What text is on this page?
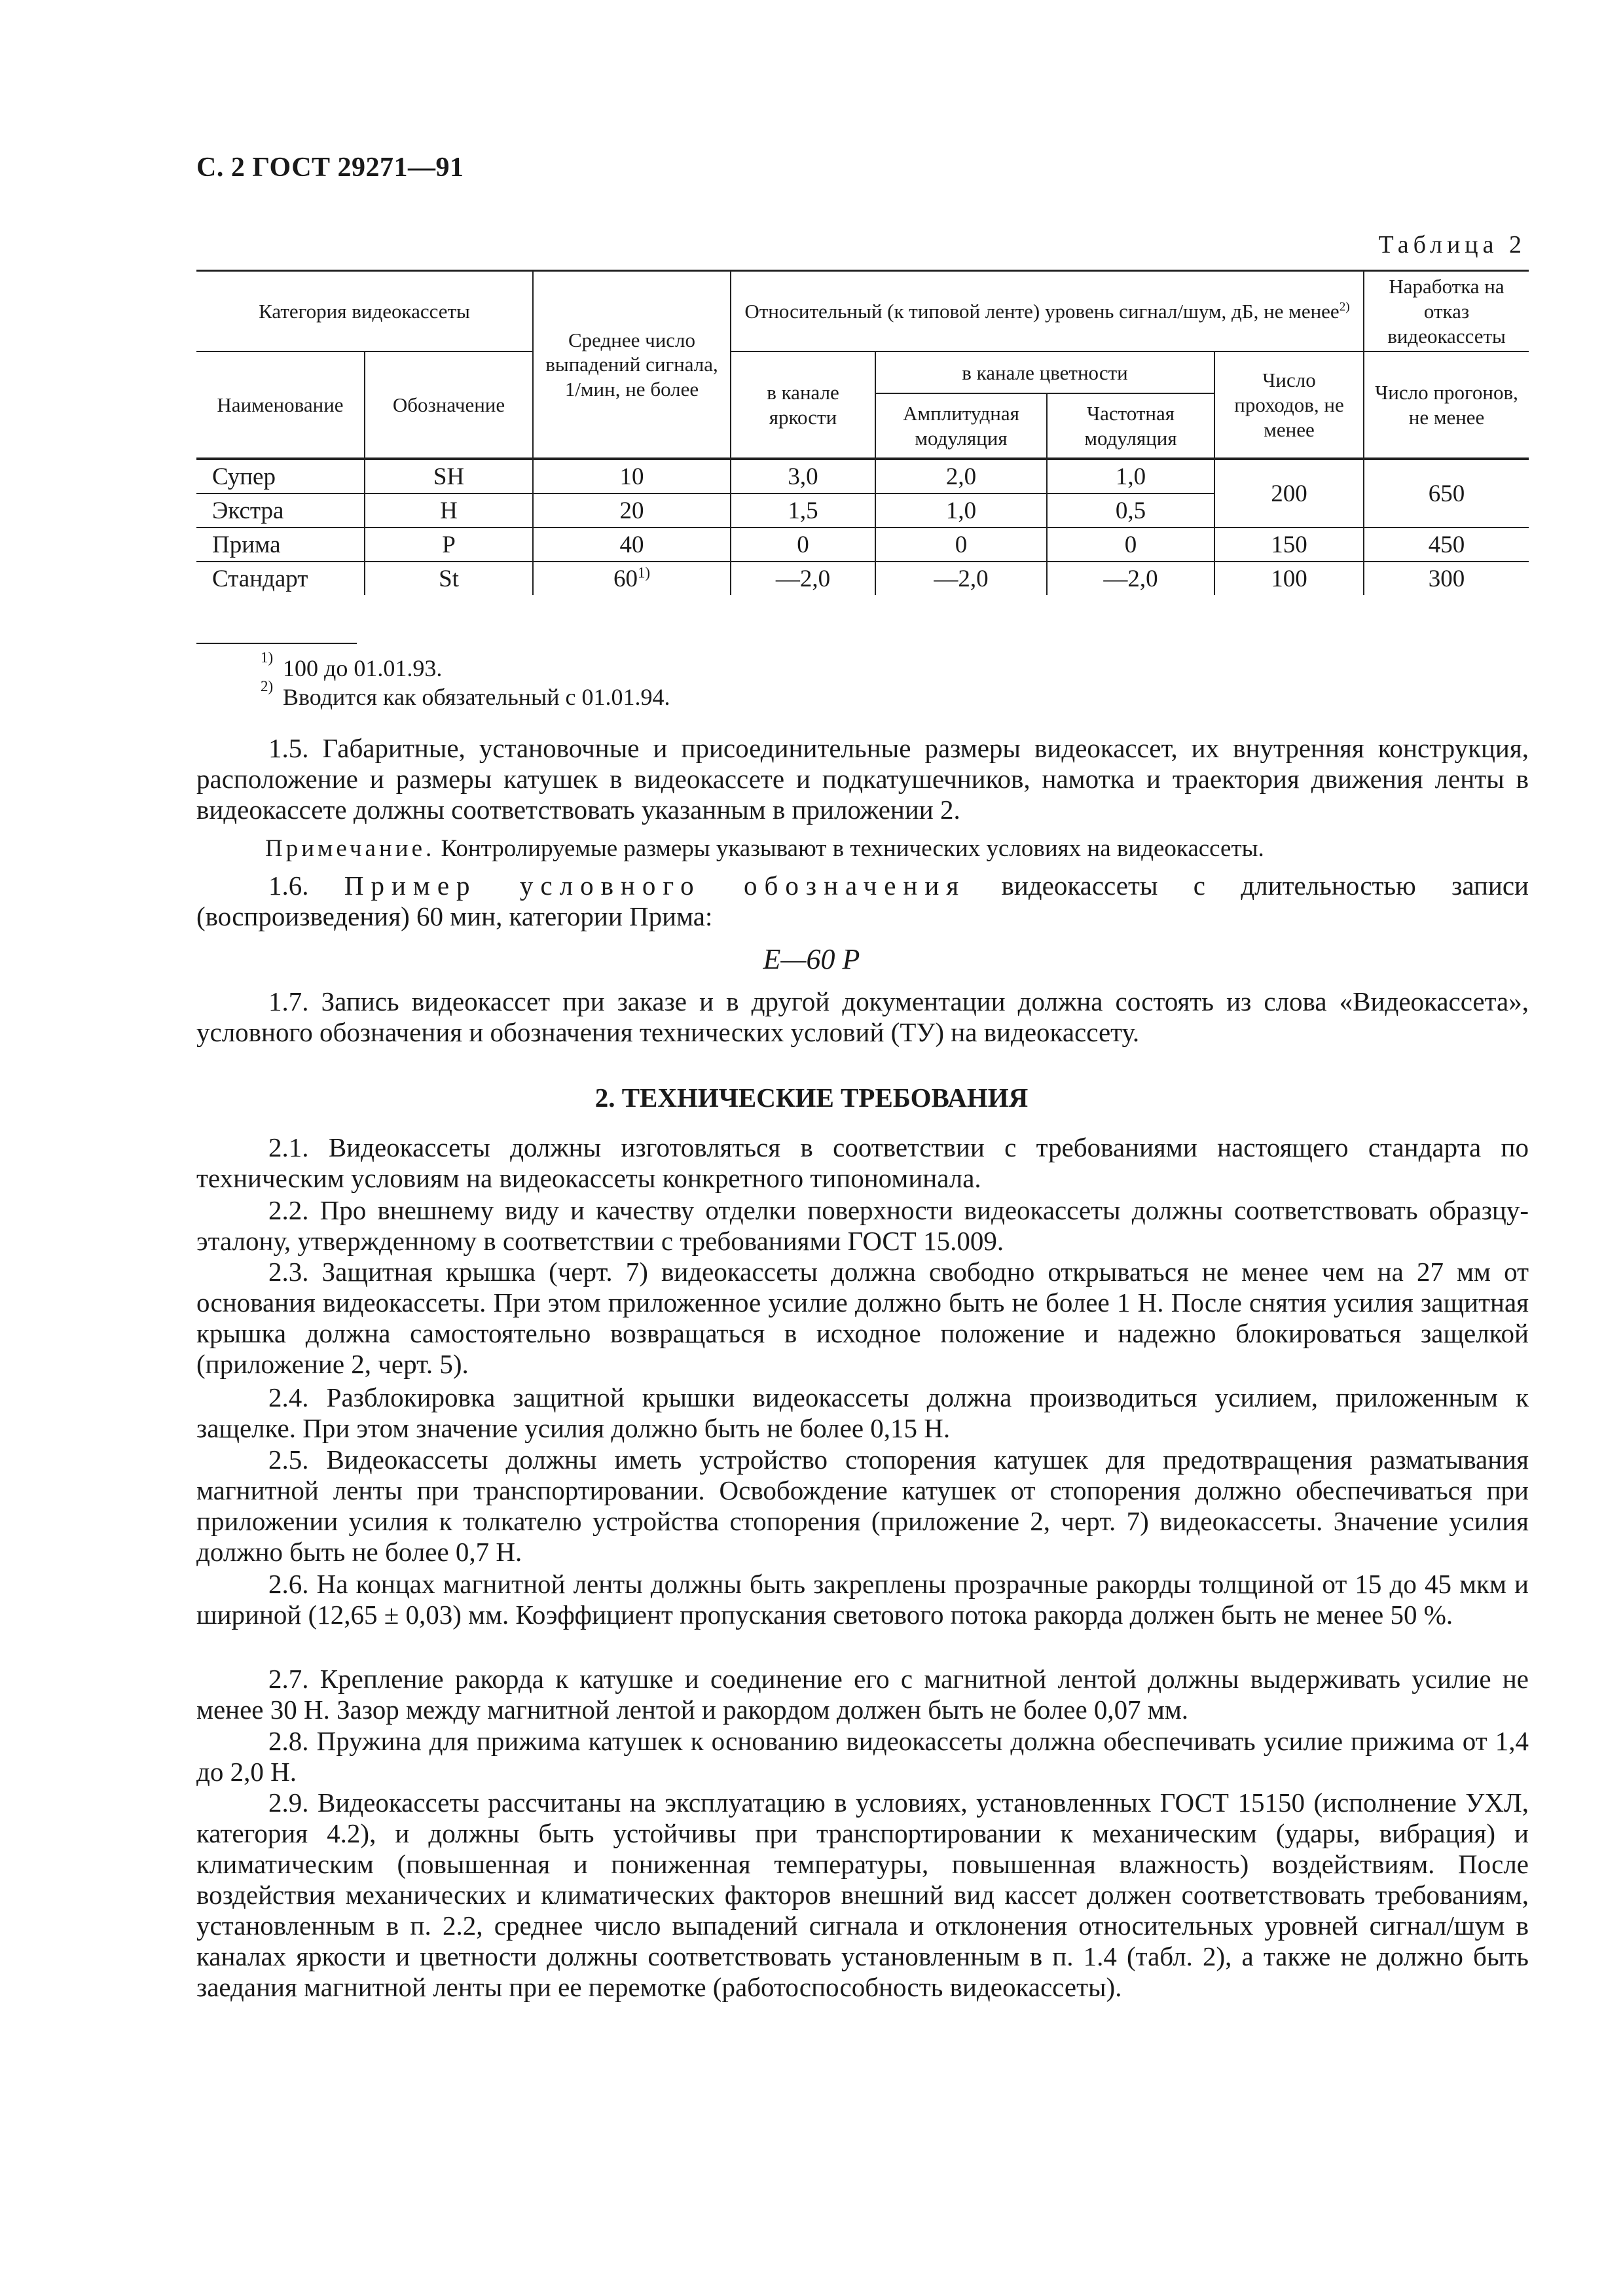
С. 2 ГОСТ 29271—91
Таблица 2
Категория видеокассеты		Среднее число выпадений сигнала, 1/мин, не более	Относительный (к типовой ленте) уровень сигнал/шум, дБ, не менее$^{2)}$				Наработка на отказ видеокассеты
Наименование	Обозначение		в канале яркости	в канале цветности		Число проходов, не менее	Число прогонов, не менее
				Амплитудная модуляция	Частотная модуляция		
Супер	SH	10	3,0	2,0	1,0	200	650
Экстра	H	20	1,5	1,0	0,5		
Прима	P	40	0	0	0	150	450
Стандарт	St	60$^{1)}$	—2,0	—2,0	—2,0	100	300
1) 100 до 01.01.93.
2) Вводится как обязательный с 01.01.94.
1.5. Габаритные, установочные и присоединительные размеры видеокассет, их внутренняя конструкция, расположение и размеры катушек в видеокассете и подкатушечников, намотка и траектория движения ленты в видеокассете должны соответствовать указанным в приложении 2.
Примечание. Контролируемые размеры указывают в технических условиях на видеокассеты.
1.6. Пример условного обозначения видеокассеты с длительностью записи (воспроизведения) 60 мин, категории Прима:
E—60 P
1.7. Запись видеокассет при заказе и в другой документации должна состоять из слова «Видеокассета», условного обозначения и обозначения технических условий (ТУ) на видеокассету.
2. ТЕХНИЧЕСКИЕ ТРЕБОВАНИЯ
2.1. Видеокассеты должны изготовляться в соответствии с требованиями настоящего стандарта по техническим условиям на видеокассеты конкретного типономинала.
2.2. Про внешнему виду и качеству отделки поверхности видеокассеты должны соответствовать образцу-эталону, утвержденному в соответствии с требованиями ГОСТ 15.009.
2.3. Защитная крышка (черт. 7) видеокассеты должна свободно открываться не менее чем на 27 мм от основания видеокассеты. При этом приложенное усилие должно быть не более 1 Н. После снятия усилия защитная крышка должна самостоятельно возвращаться в исходное положение и надежно блокироваться защелкой (приложение 2, черт. 5).
2.4. Разблокировка защитной крышки видеокассеты должна производиться усилием, приложенным к защелке. При этом значение усилия должно быть не более 0,15 Н.
2.5. Видеокассеты должны иметь устройство стопорения катушек для предотвращения разматывания магнитной ленты при транспортировании. Освобождение катушек от стопорения должно обеспечиваться при приложении усилия к толкателю устройства стопорения (приложение 2, черт. 7) видеокассеты. Значение усилия должно быть не более 0,7 Н.
2.6. На концах магнитной ленты должны быть закреплены прозрачные ракорды толщиной от 15 до 45 мкм и шириной (12,65 ± 0,03) мм. Коэффициент пропускания светового потока ракорда должен быть не менее 50 %.
2.7. Крепление ракорда к катушке и соединение его с магнитной лентой должны выдерживать усилие не менее 30 Н. Зазор между магнитной лентой и ракордом должен быть не более 0,07 мм.
2.8. Пружина для прижима катушек к основанию видеокассеты должна обеспечивать усилие прижима от 1,4 до 2,0 Н.
2.9. Видеокассеты рассчитаны на эксплуатацию в условиях, установленных ГОСТ 15150 (исполнение УХЛ, категория 4.2), и должны быть устойчивы при транспортировании к механическим (удары, вибрация) и климатическим (повышенная и пониженная температуры, повышенная влажность) воздействиям. После воздействия механических и климатических факторов внешний вид кассет должен соответствовать требованиям, установленным в п. 2.2, среднее число выпадений сигнала и отклонения относительных уровней сигнал/шум в каналах яркости и цветности должны соответствовать установленным в п. 1.4 (табл. 2), а также не должно быть заедания магнитной ленты при ее перемотке (работоспособность видеокассеты).
